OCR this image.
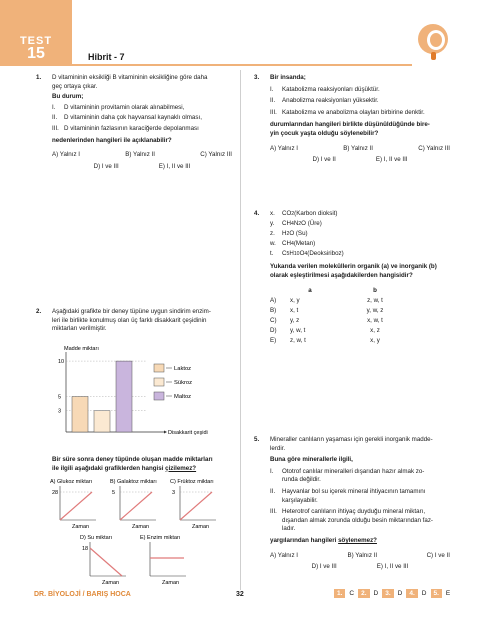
TEST
15	Hibrit - 7
1. D vitamininin eksikliği B vitamininin eksikliğine göre daha
geç ortaya çıkar.
Bu durum;
I.	D vitamininin provitamin olarak alınabilmesi,
II.	D vitamininin daha çok hayvansal kaynaklı olması,
III. D vitamininin fazlasının karaciğerde depolanması
nedenlerinden hangileri ile açıklanabilir?
A) Yalnız I	B) Yalnız II	C) Yalnız III
D) I ve III	E) I, II ve III
2. Aşağıdaki grafikte bir deney tüpüne uygun sindirim enzim-
leri ile birlikte konulmuş olan üç farklı disakkarit çeşidinin
miktarları verilmiştir.
Madde miktarı
Disakkarit çeşidi
3
5
10
Laktoz
Sükroz
Maltoz
Bir süre sonra deney tüpünde oluşan madde miktarları
ile ilgili aşağıdaki grafiklerden hangisi çizilemez?
A) Glukoz miktarı
Zaman
28
B) Galaktoz miktarı
Zaman
5
C) Früktoz miktarı
Zaman
3
D) Su miktarı
Zaman
18
E) Enzim miktarı
Zaman
3. Bir insanda;
I.	Katabolizma reaksiyonları düşüktür.
II.	Anabolizma reaksiyonları yüksektir.
III. Katabolizma ve anabolizma olayları birbirine denktir.
durumlarından hangileri birlikte düşünüldüğünde bire-
yin çocuk yaşta olduğu söylenebilir?
A) Yalnız I	B) Yalnız II	C) Yalnız III
D) I ve II	E) I, II ve III
4. x.	CO 2 (Karbon dioksit)
y.	CH 4 N 2 O (Üre)
z.	H 2 O (Su)
w. CH 4 (Metan)
t.	C 5 H 10 O 4 (Deoksiriboz)
Yukarıda verilen moleküllerin organik (a) ve inorganik (b)
olarak eşleştirilmesi aşağıdakilerden hangisidir?
a	b
A)	x, y	z, w, t
B)	x, t	y, w, z
C)	y, z	x, w, t
D)	y, w, t	x, z
E)	z, w, t	x, y
5. Mineraller canlıların yaşaması için gerekli inorganik madde-
lerdir.
Buna göre minerallerle ilgili,
I.	Ototrof canlılar mineralleri dışarıdan hazır almak zo-
runda değildir.
II.	Hayvanlar bol su içerek mineral ihtiyacının tamamını
karşılayabilir.
III. Heterotrof canlıların ihtiyaç duyduğu mineral miktarı,
dışarıdan almak zorunda olduğu besin miktarından faz-
ladır.
yargılarından hangileri söylenemez?
A) Yalnız I	B) Yalnız II	C) I ve II
D) I ve III	E) I, II ve III
DR. BİYOLOJİ / BARIŞ HOCA	32	1.	C	2.	D	3.	D	4.	D	5.	E
